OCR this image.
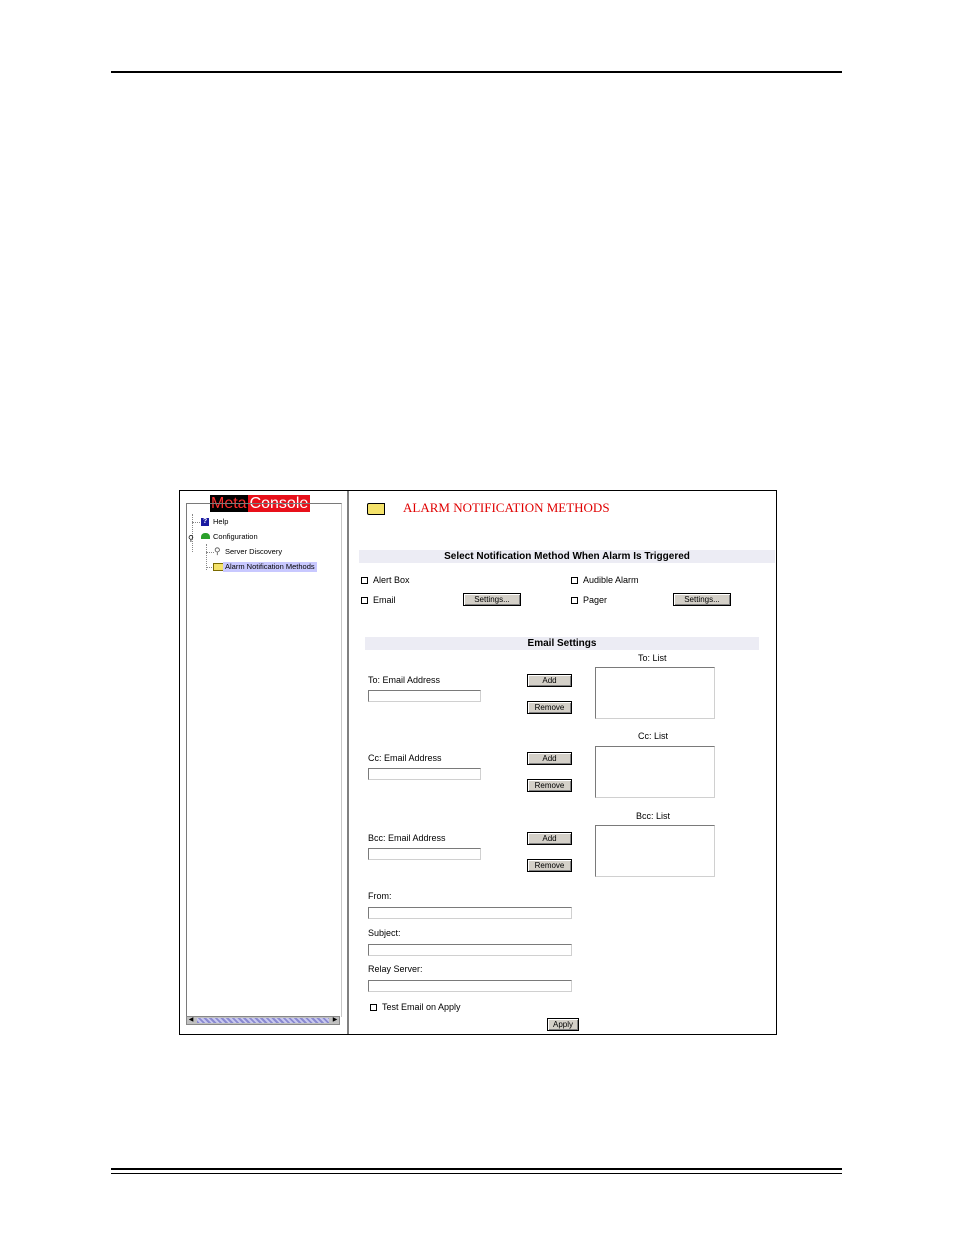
Meta Console
? Help
⚲	Configuration
⚲ Server Discovery
Alarm Notification Methods
◀	▶
ALARM NOTIFICATION METHODS
Select Notification Method When Alarm Is Triggered
Alert Box	Audible Alarm
Email	Settings...	Pager	Settings...
Email Settings
To: List
To: Email Address	Add
Remove
Cc: List
Cc: Email Address	Add
Remove
Bcc: List
Bcc: Email Address	Add
Remove
From:
Subject:
Relay Server:
Test Email on Apply
Apply
